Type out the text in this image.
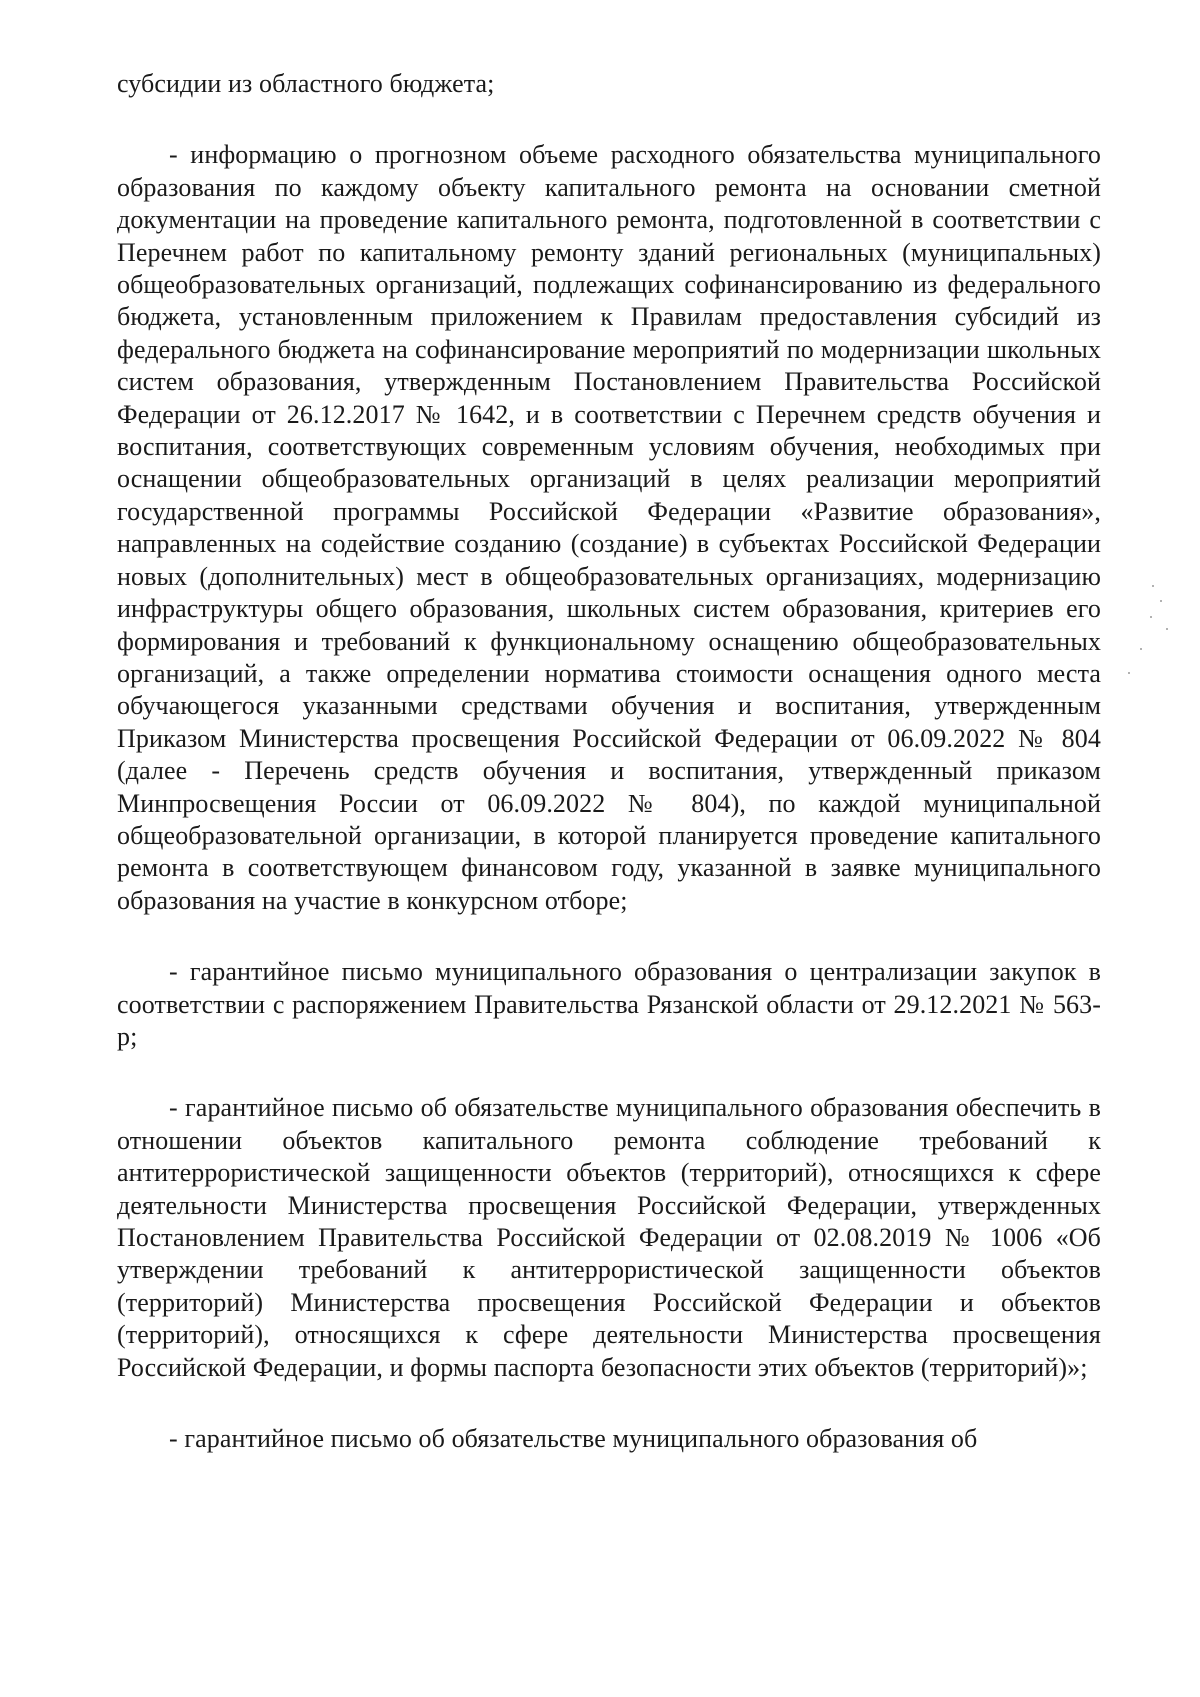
субсидии из областного бюджета;

- информацию о прогнозном объеме расходного обязательства муниципального образования по каждому объекту капитального ремонта на основании сметной документации на проведение капитального ремонта, подготовленной в соответствии с Перечнем работ по капитальному ремонту зданий региональных (муниципальных) общеобразовательных организаций, подлежащих софинансированию из федерального бюджета, установленным приложением к Правилам предоставления субсидий из федерального бюджета на софинансирование мероприятий по модернизации школьных систем образования, утвержденным Постановлением Правительства Российской Федерации от 26.12.2017 № 1642, и в соответствии с Перечнем средств обучения и воспитания, соответствующих современным условиям обучения, необходимых при оснащении общеобразовательных организаций в целях реализации мероприятий государственной программы Российской Федерации «Развитие образования», направленных на содействие созданию (создание) в субъектах Российской Федерации новых (дополнительных) мест в общеобразовательных организациях, модернизацию инфраструктуры общего образования, школьных систем образования, критериев его формирования и требований к функциональному оснащению общеобразовательных организаций, а также определении норматива стоимости оснащения одного места обучающегося указанными средствами обучения и воспитания, утвержденным Приказом Министерства просвещения Российской Федерации от 06.09.2022 № 804 (далее - Перечень средств обучения и воспитания, утвержденный приказом Минпросвещения России от 06.09.2022 № 804), по каждой муниципальной общеобразовательной организации, в которой планируется проведение капитального ремонта в соответствующем финансовом году, указанной в заявке муниципального образования на участие в конкурсном отборе;

- гарантийное письмо муниципального образования о централизации закупок в соответствии с распоряжением Правительства Рязанской области от 29.12.2021 № 563-р;

- гарантийное письмо об обязательстве муниципального образования обеспечить в отношении объектов капитального ремонта соблюдение требований к антитеррористической защищенности объектов (территорий), относящихся к сфере деятельности Министерства просвещения Российской Федерации, утвержденных Постановлением Правительства Российской Федерации от 02.08.2019 № 1006 «Об утверждении требований к антитеррористической защищенности объектов (территорий) Министерства просвещения Российской Федерации и объектов (территорий), относящихся к сфере деятельности Министерства просвещения Российской Федерации, и формы паспорта безопасности этих объектов (территорий)»;

- гарантийное письмо об обязательстве муниципального образования об
